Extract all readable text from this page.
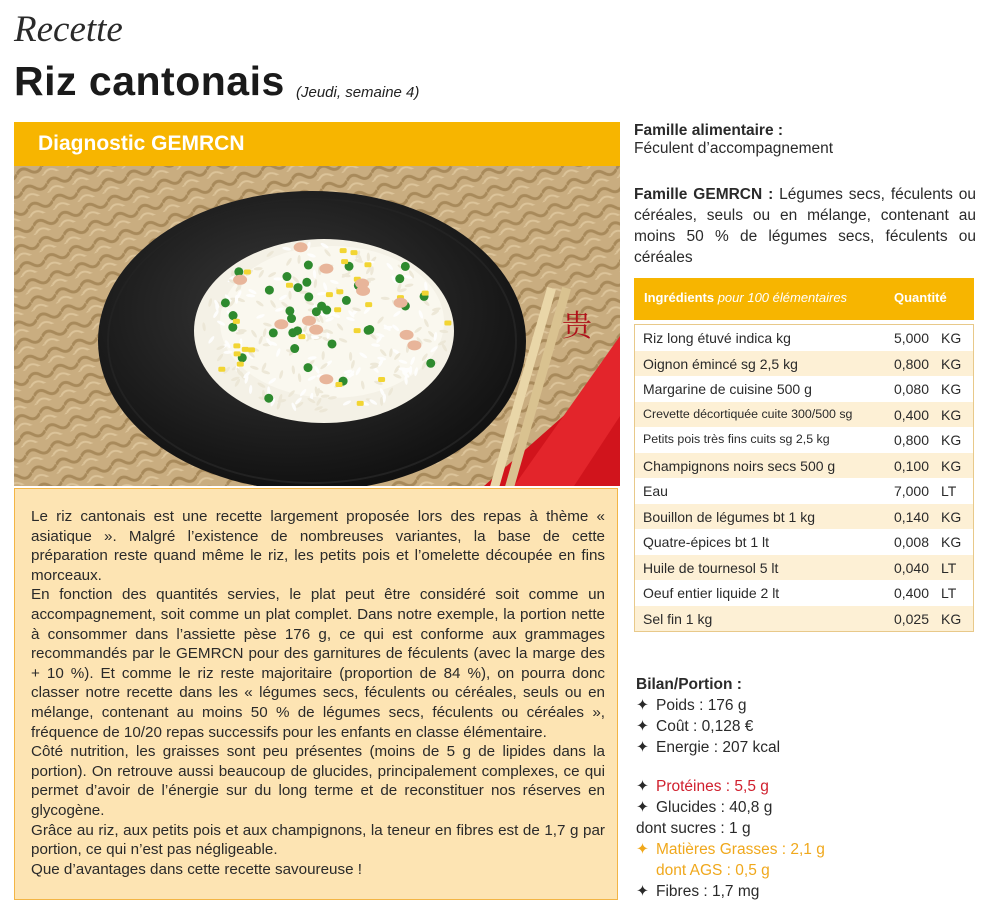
Recette
Riz cantonais (Jeudi, semaine 4)
Diagnostic GEMRCN
贵

Le riz cantonais est une recette largement proposée lors des repas à thème « asiatique ». Malgré l’existence de nombreuses variantes, la base de cette préparation reste quand même le riz, les petits pois et l’omelette découpée en fins morceaux.

En fonction des quantités servies, le plat peut être considéré soit comme un accompagnement, soit comme un plat complet. Dans notre exemple, la portion nette à consommer dans l’assiette pèse 176 g, ce qui est conforme aux grammages recommandés par le GEMRCN pour des garnitures de féculents (avec la marge des + 10 %). Et comme le riz reste majoritaire (proportion de 84 %), on pourra donc classer notre recette dans les « légumes secs, féculents ou céréales, seuls ou en mélange, contenant au moins 50 % de légumes secs, féculents ou céréales », fréquence de 10/20 repas successifs pour les enfants en classe élémentaire.

Côté nutrition, les graisses sont peu présentes (moins de 5 g de lipides dans la portion). On retrouve aussi beaucoup de glucides, principalement complexes, ce qui permet d’avoir de l’énergie sur du long terme et de reconstituer nos réserves en glycogène.

Grâce au riz, aux petits pois et aux champignons, la teneur en fibres est de 1,7 g par portion, ce qui n’est pas négligeable.

Que d’avantages dans cette recette savoureuse !

Famille alimentaire :
Féculent d’accompagnement
Famille GEMRCN : Légumes secs, féculents ou céréales, seuls ou en mélange, contenant au moins 50 % de légumes secs, féculents ou céréales
Ingrédients pour 100 élémentaires	Quantité
Riz long étuvé indica kg	5,000 KG
Oignon émincé sg 2,5 kg	0,800 KG
Margarine de cuisine 500 g	0,080 KG
Crevette décortiquée cuite 300/500 sg	0,400 KG
Petits pois très fins cuits sg 2,5 kg	0,800 KG
Champignons noirs secs 500 g	0,100 KG
Eau	7,000 LT
Bouillon de légumes bt 1 kg	0,140 KG
Quatre-épices bt 1 lt	0,008 KG
Huile de tournesol 5 lt	0,040 LT
Oeuf entier liquide 2 lt	0,400 LT
Sel fin 1 kg	0,025 KG
Bilan/Portion :
✦ Poids : 176 g
✦ Coût : 0,128 €
✦ Energie : 207 kcal
✦ Protéines : 5,5 g
✦ Glucides : 40,8 g
dont sucres : 1 g
✦ Matières Grasses : 2,1 g
dont AGS : 0,5 g
✦ Fibres : 1,7 mg
